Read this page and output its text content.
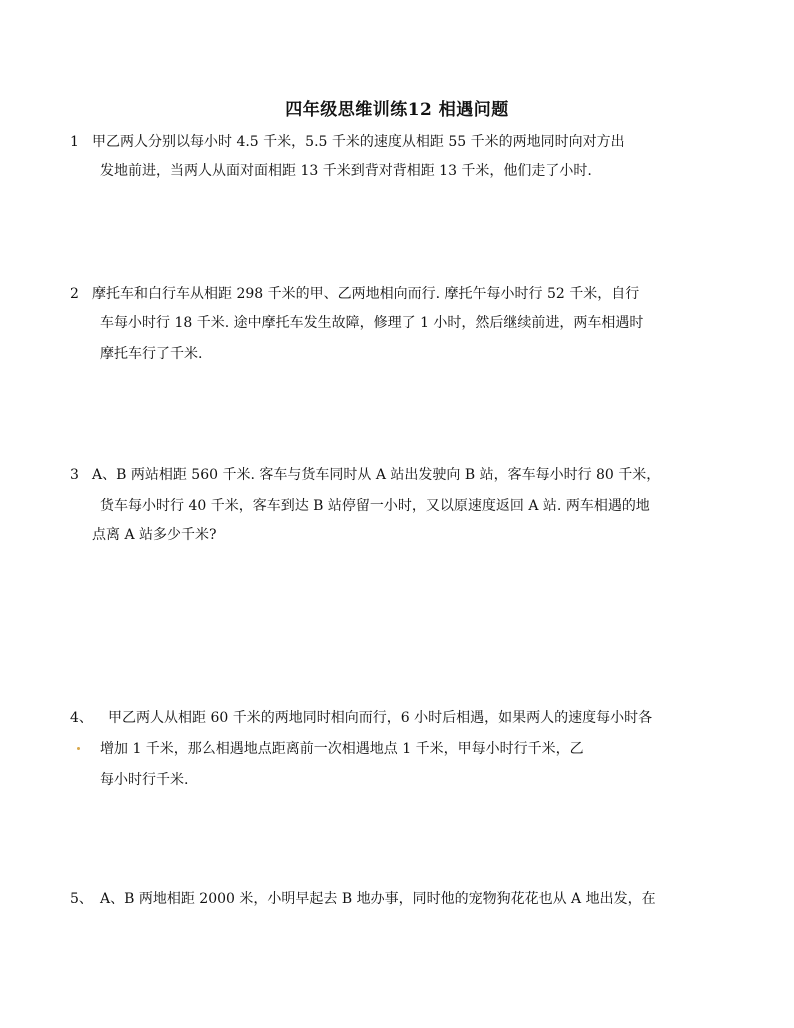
四年级思维训练12 相遇问题
1 甲乙两人分别以每小时 4.5 千米，5.5 千米的速度从相距 55 千米的两地同时向对方出
发地前进，当两人从面对面相距 13 千米到背对背相距 13 千米，他们走了小时.
2 摩托车和白行车从相距 298 千米的甲、乙两地相向而行. 摩托午每小时行 52 千米，自行
车每小时行 18 千米. 途中摩托车发生故障，修理了 1 小时，然后继续前进，两车相遇时
摩托车行了千米.
3 A、B 两站相距 560 千米. 客车与货车同时从 A 站出发驶向 B 站，客车每小时行 80 千米，
货车每小时行 40 千米，客车到达 B 站停留一小时，又以原速度返回 A 站. 两车相遇的地
点离 A 站多少千米?
4、 甲乙两人从相距 60 千米的两地同时相向而行，6 小时后相遇，如果两人的速度每小时各
增加 1 千米，那么相遇地点距离前一次相遇地点 1 千米，甲每小时行千米，乙
每小时行千米.
5、 A、B 两地相距 2000 米，小明早起去 B 地办事，同时他的宠物狗花花也从 A 地出发，在
